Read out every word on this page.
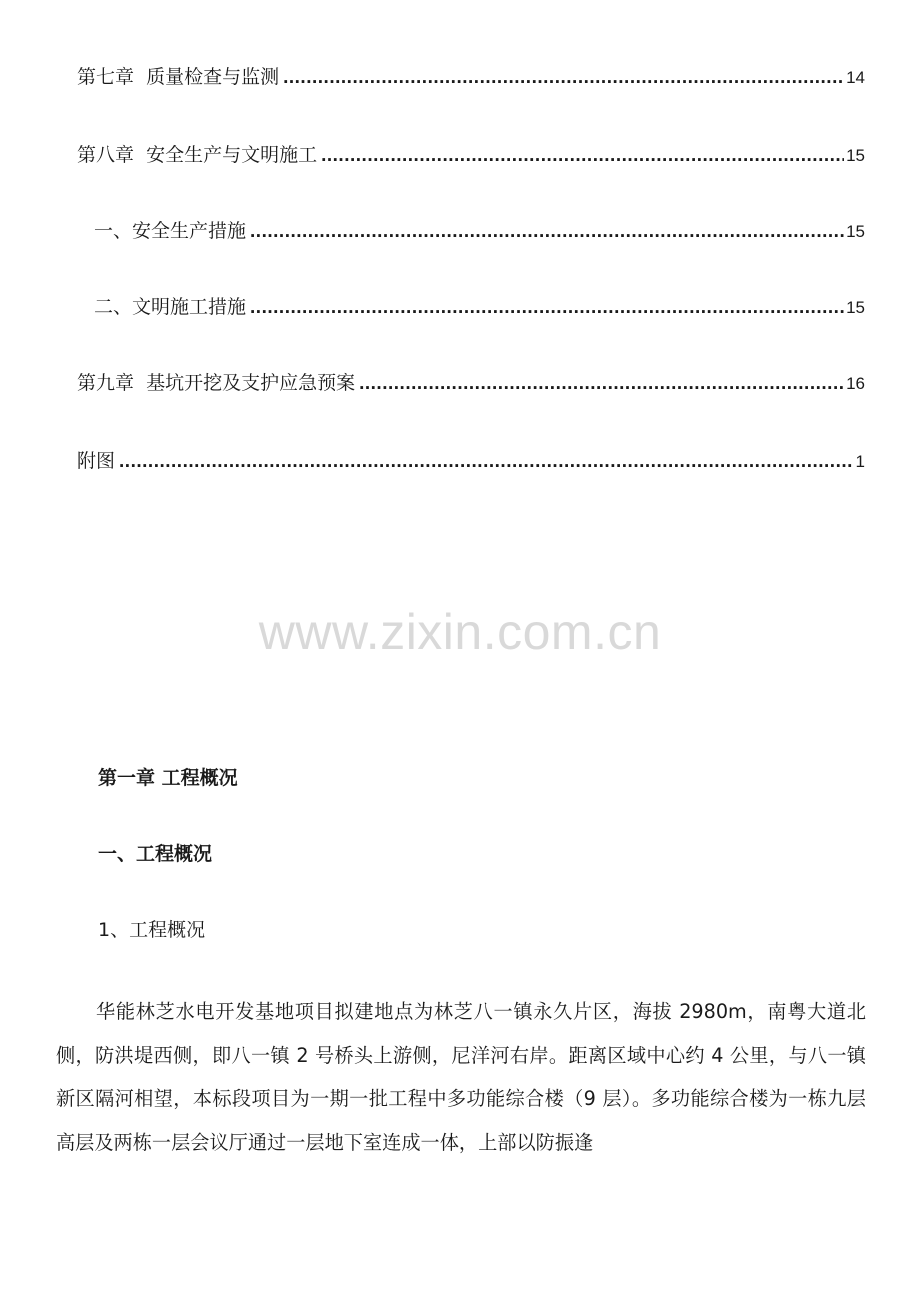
第七章  质量检查与监测 .....	14
第八章  安全生产与文明施工 .....	15
一、安全生产措施 .....	15
二、文明施工措施 .....	15
第九章  基坑开挖及支护应急预案 .....	16
附图 .....	1
www.zixin.com.cn
第一章 工程概况
一、工程概况
1、工程概况

华能林芝水电开发基地项目拟建地点为林芝八一镇永久片区，海拔 2980m，南粤大道北侧，防洪堤西侧，即八一镇 2 号桥头上游侧，尼洋河右岸。距离区域中心约 4 公里，与八一镇新区隔河相望，本标段项目为一期一批工程中多功能综合楼（9 层）。多功能综合楼为一栋九层高层及两栋一层会议厅通过一层地下室连成一体，上部以防振逢
